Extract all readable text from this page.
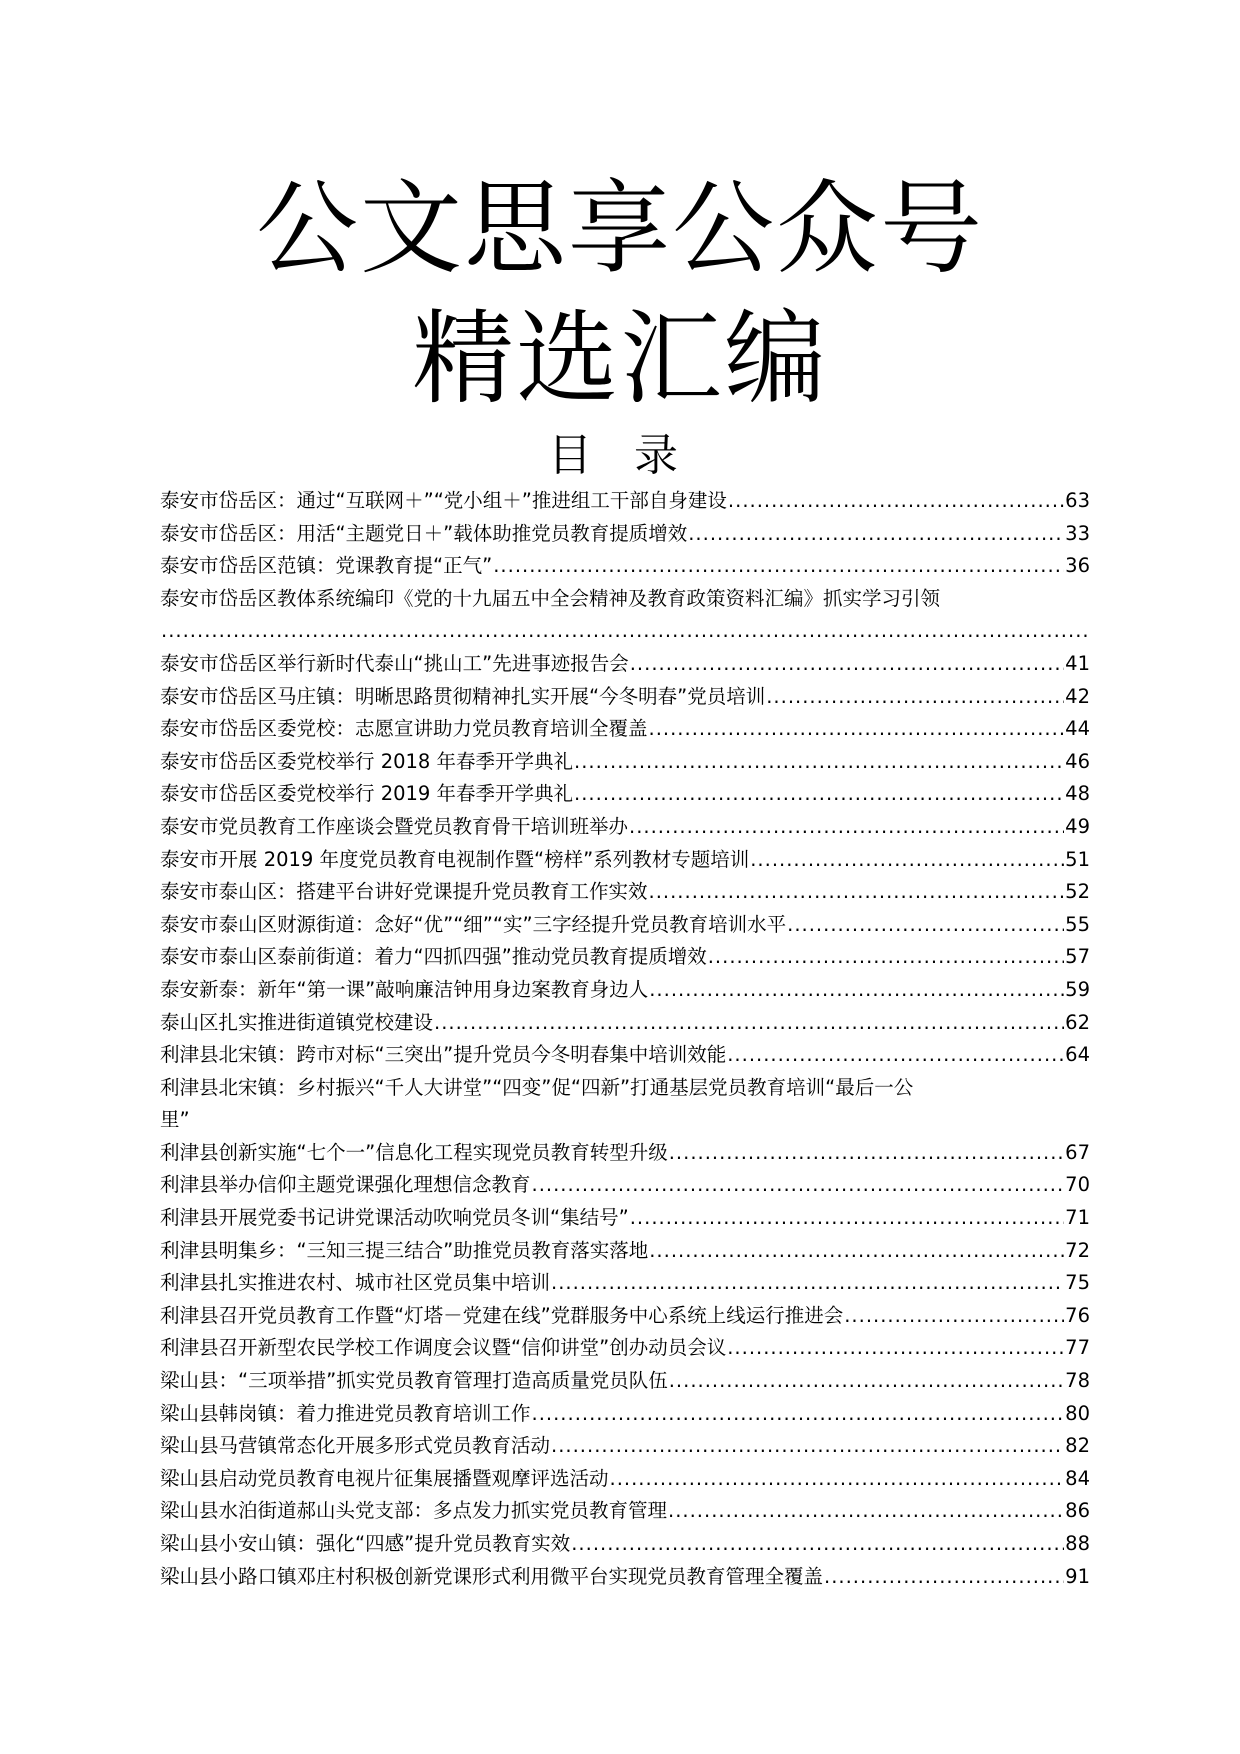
公文思享公众号
精选汇编
目 录
泰安市岱岳区：通过“互联网＋”“党小组＋”推进组工干部自身建设 .....	63
泰安市岱岳区：用活“主题党日＋”载体助推党员教育提质增效 .....	33
泰安市岱岳区范镇：党课教育提“正气” .....	36
泰安市岱岳区教体系统编印《党的十九届五中全会精神及教育政策资料汇编》抓实学习引领
.....
泰安市岱岳区举行新时代泰山“挑山工”先进事迹报告会 .....	41
泰安市岱岳区马庄镇：明晰思路贯彻精神扎实开展“今冬明春”党员培训 .....	42
泰安市岱岳区委党校：志愿宣讲助力党员教育培训全覆盖 .....	44
泰安市岱岳区委党校举行 2018 年春季开学典礼 .....	46
泰安市岱岳区委党校举行 2019 年春季开学典礼 .....	48
泰安市党员教育工作座谈会暨党员教育骨干培训班举办 .....	49
泰安市开展 2019 年度党员教育电视制作暨“榜样”系列教材专题培训 .....	51
泰安市泰山区：搭建平台讲好党课提升党员教育工作实效 .....	52
泰安市泰山区财源街道：念好“优”“细”“实”三字经提升党员教育培训水平 .....	55
泰安市泰山区泰前街道：着力“四抓四强”推动党员教育提质增效 .....	57
泰安新泰：新年“第一课”敲响廉洁钟用身边案教育身边人 .....	59
泰山区扎实推进街道镇党校建设 .....	62
利津县北宋镇：跨市对标“三突出”提升党员今冬明春集中培训效能 .....	64
利津县北宋镇：乡村振兴“千人大讲堂”“四变”促“四新”打通基层党员教育培训“最后一公
里”
利津县创新实施“七个一”信息化工程实现党员教育转型升级 .....	67
利津县举办信仰主题党课强化理想信念教育 .....	70
利津县开展党委书记讲党课活动吹响党员冬训“集结号” .....	71
利津县明集乡：“三知三提三结合”助推党员教育落实落地 .....	72
利津县扎实推进农村、城市社区党员集中培训 .....	75
利津县召开党员教育工作暨“灯塔－党建在线”党群服务中心系统上线运行推进会 .....	76
利津县召开新型农民学校工作调度会议暨“信仰讲堂”创办动员会议 .....	77
梁山县：“三项举措”抓实党员教育管理打造高质量党员队伍 .....	78
梁山县韩岗镇：着力推进党员教育培训工作 .....	80
梁山县马营镇常态化开展多形式党员教育活动 .....	82
梁山县启动党员教育电视片征集展播暨观摩评选活动 .....	84
梁山县水泊街道郝山头党支部：多点发力抓实党员教育管理 .....	86
梁山县小安山镇：强化“四感”提升党员教育实效 .....	88
梁山县小路口镇邓庄村积极创新党课形式利用微平台实现党员教育管理全覆盖 .....	91
